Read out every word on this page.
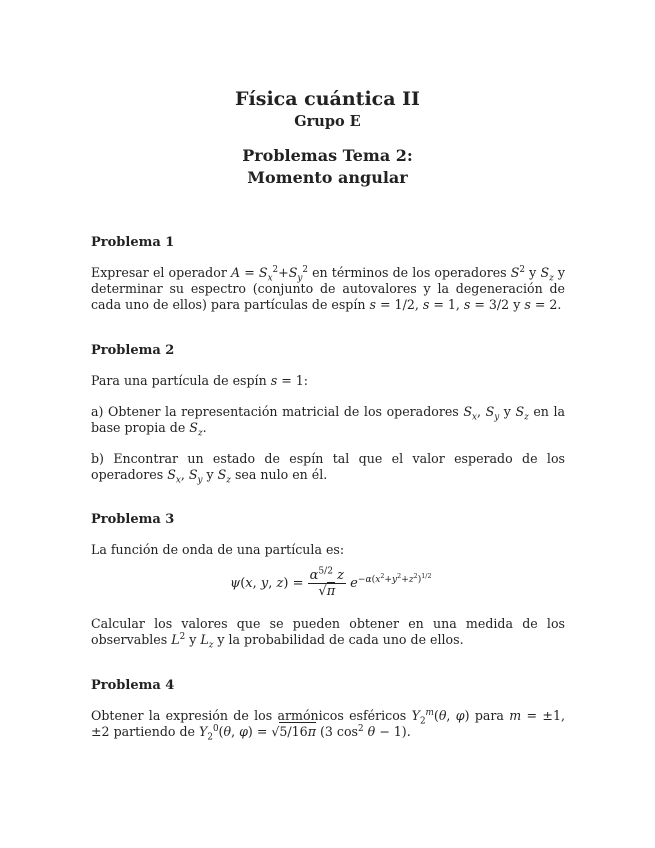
Física cuántica II
Grupo E
Problemas Tema 2:
Momento angular
Problema 1
Expresar el operador $A = S_x^2+S_y^2$ en términos de los operadores $S^2$ y $S_z$ y determinar su espectro (conjunto de autovalores y la degeneración de cada uno de ellos) para partículas de espín s = 1/2, s = 1, s = 3/2 y s = 2.
Problema 2
Para una partícula de espín s = 1:
a) Obtener la representación matricial de los operadores $S_x$, $S_y$ y $S_z$ en la base propia de $S_z$.
b) Encontrar un estado de espín tal que el valor esperado de los operadores $S_x$, $S_y$ y $S_z$ sea nulo en él.
Problema 3
La función de onda de una partícula es:
ψ(x, y, $z) = \frac{\alpha^{5/2} z}{√\pi} e^{-\alpha(x^2+y^2+z^2)^{1/2}}$
Calcular los valores que se pueden obtener en una medida de los observables $L^2$ y $L_z$ y la probabilidad de cada uno de ellos.
Problema 4
Obtener la expresión de los armónicos esféricos $Y_2^m(\theta$, φ) para m = ±1, ±2 partiendo de $Y_2^0(\theta$, φ) = √5/16π (3 $\cos^2 \theta - 1$).
